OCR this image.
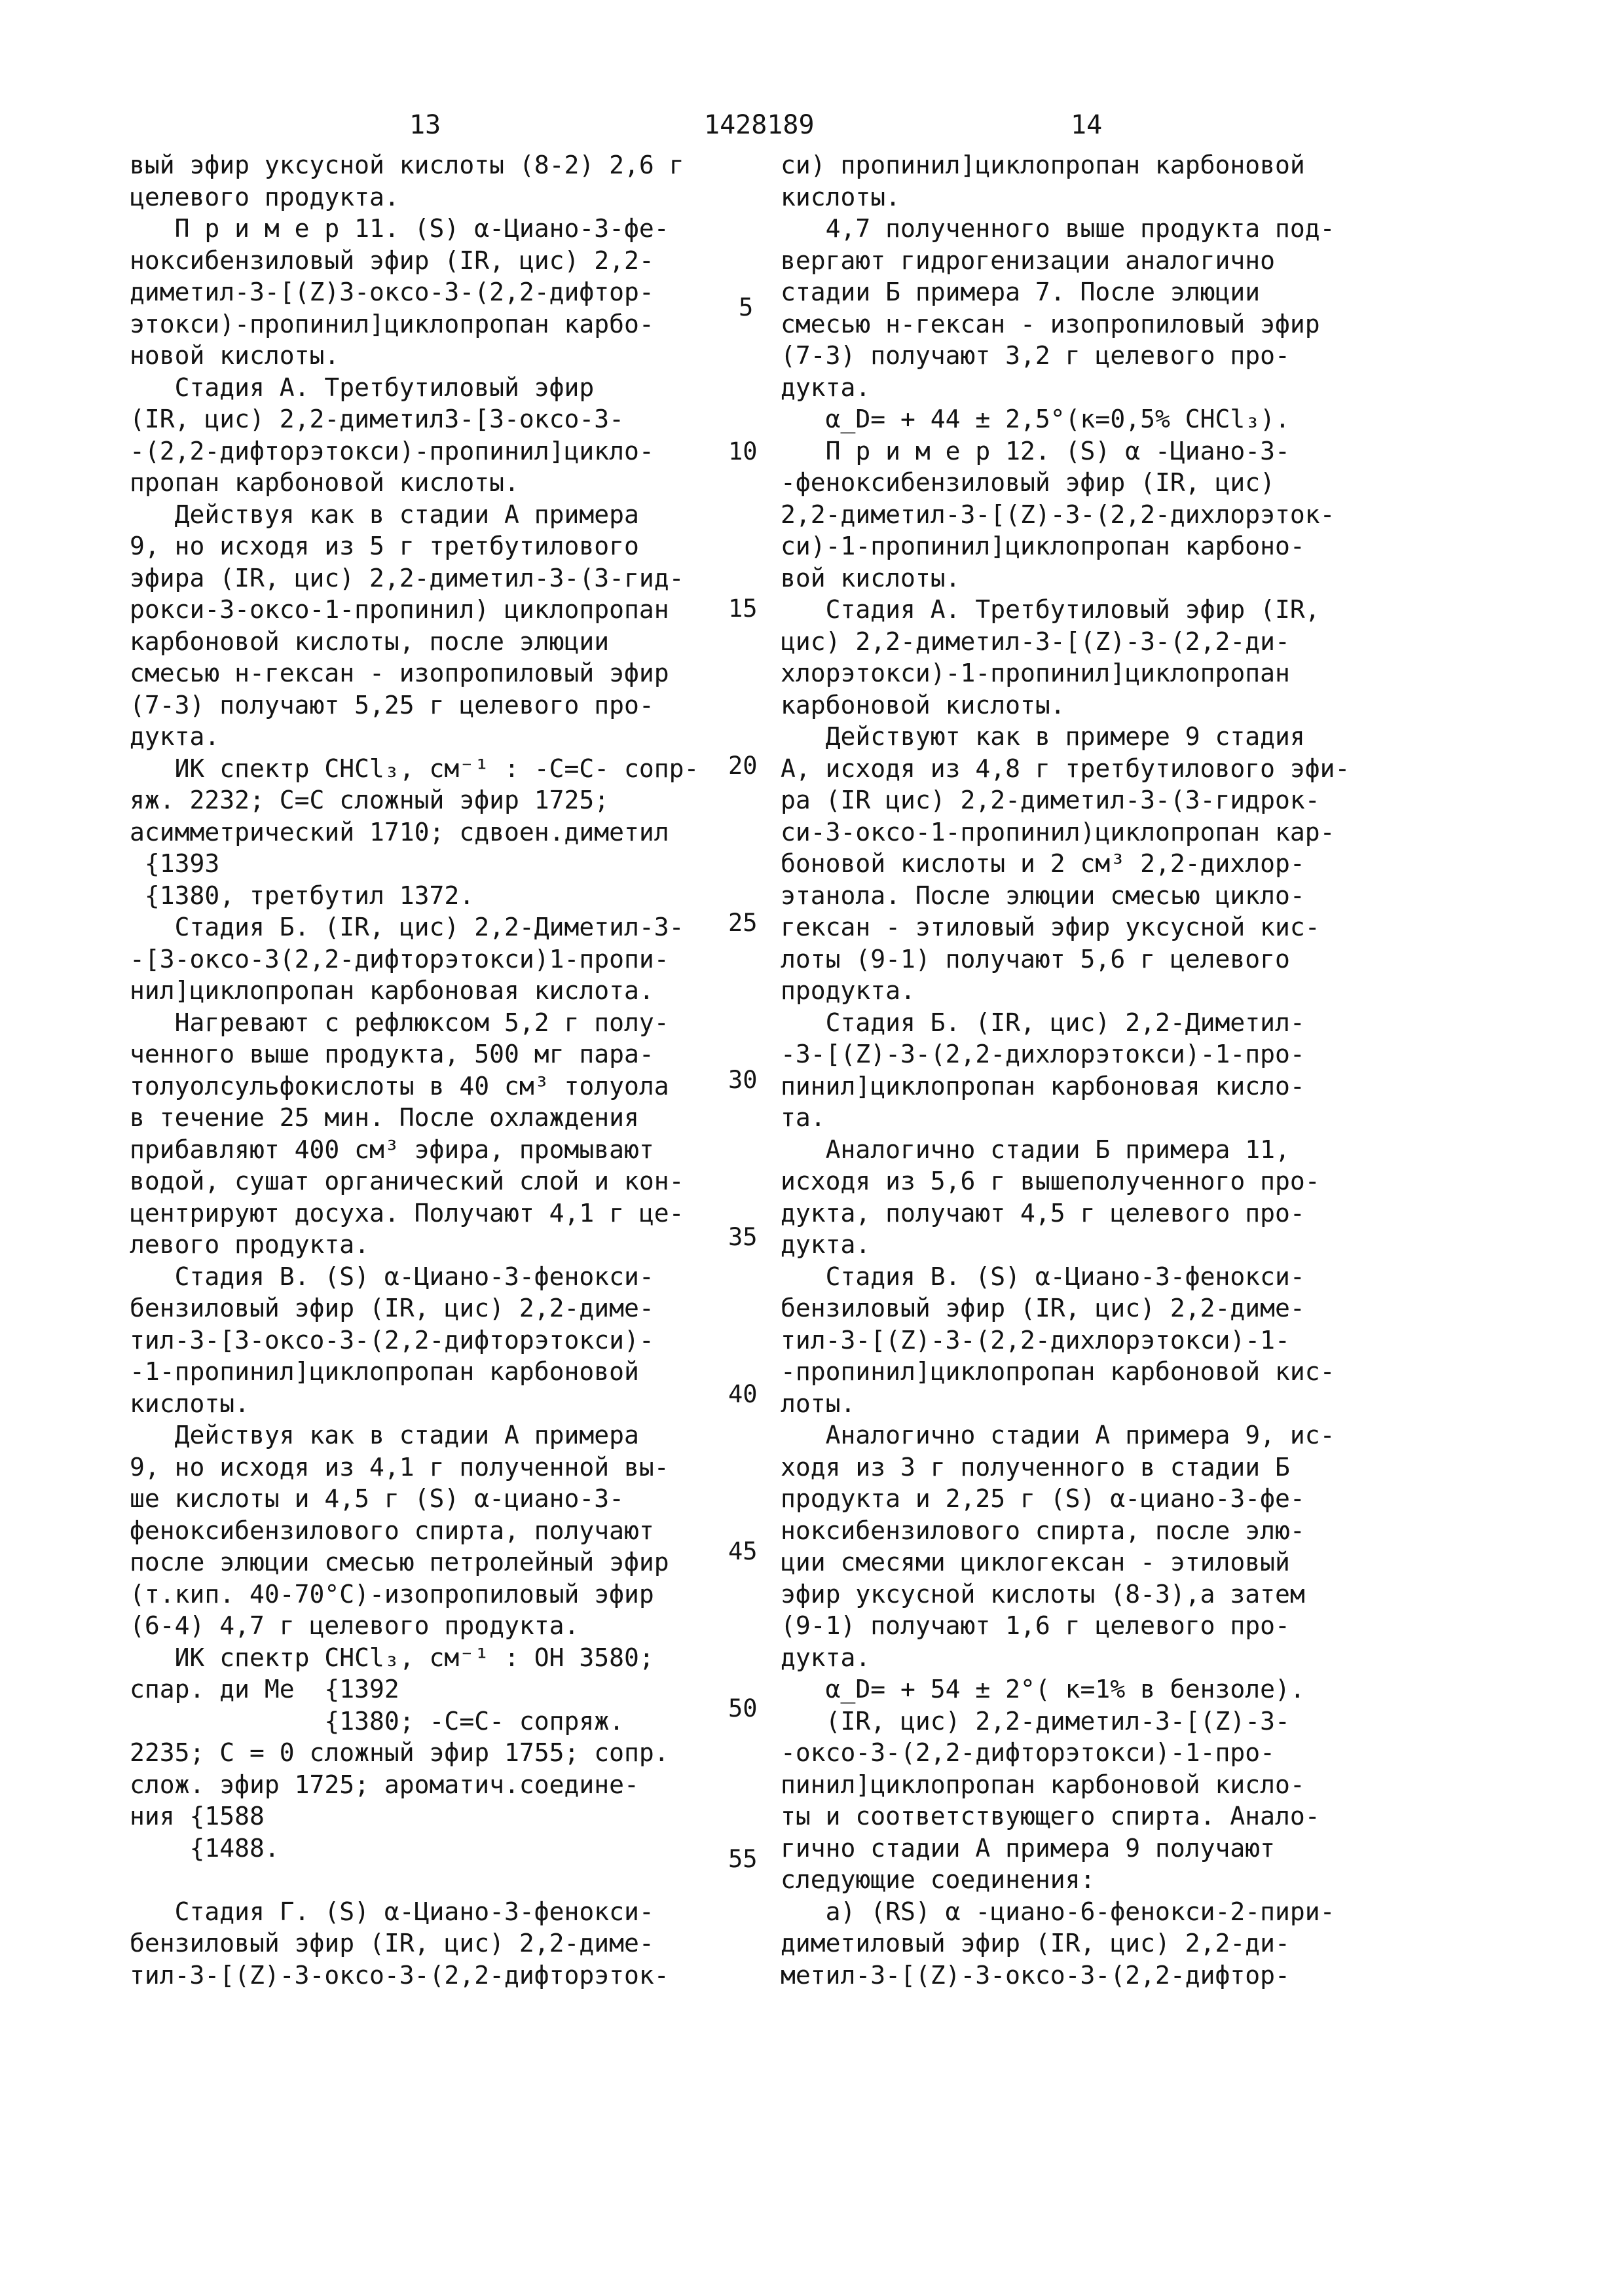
13	1428189	14
вый эфир уксусной кислоты (8-2) 2,6 г
целевого продукта.
П р и м е р 11. (S) α-Циано-3-фе-
ноксибензиловый эфир (IR, цис) 2,2-
диметил-3-[(Z)3-оксо-3-(2,2-дифтор-
этокси)-пропинил]циклопропан карбо-
новой кислоты.
Стадия А. Третбутиловый эфир
(IR, цис) 2,2-диметил3-[3-оксо-3-
-(2,2-дифторэтокси)-пропинил]цикло-
пропан карбоновой кислоты.
Действуя как в стадии А примера
9, но исходя из 5 г третбутилового
эфира (IR, цис) 2,2-диметил-3-(3-гид-
рокси-3-оксо-1-пропинил) циклопропан
карбоновой кислоты, после элюции
смесью н-гексан - изопропиловый эфир
(7-3) получают 5,25 г целевого про-
дукта.
ИК спектр CHCl₃, см⁻¹ : -С=С- сопр-
яж. 2232; С=С сложный эфир 1725;
асимметрический 1710; сдвоен.диметил
{1393
{1380, третбутил 1372.
Стадия Б. (IR, цис) 2,2-Диметил-3-
-[3-оксо-3(2,2-дифторэтокси)1-пропи-
нил]циклопропан карбоновая кислота.
Нагревают с рефлюксом 5,2 г полу-
ченного выше продукта, 500 мг пара-
толуолсульфокислоты в 40 см³ толуола
в течение 25 мин. После охлаждения
прибавляют 400 см³ эфира, промывают
водой, сушат органический слой и кон-
центрируют досуха. Получают 4,1 г це-
левого продукта.
Стадия В. (S) α-Циано-3-фенокси-
бензиловый эфир (IR, цис) 2,2-диме-
тил-3-[3-оксо-3-(2,2-дифторэтокси)-
-1-пропинил]циклопропан карбоновой
кислоты.
Действуя как в стадии А примера
9, но исходя из 4,1 г полученной вы-
ше кислоты и 4,5 г (S) α-циано-3-
феноксибензилового спирта, получают
после элюции смесью петролейный эфир
(т.кип. 40-70°С)-изопропиловый эфир
(6-4) 4,7 г целевого продукта.
ИК спектр CHCl₃, см⁻¹ : ОН 3580;
спар. ди Ме  {1392
{1380; -С=С- сопряж.
2235; С = 0 сложный эфир 1755; сопр.
слож. эфир 1725; ароматич.соедине-
ния {1588
{1488.
Стадия Г. (S) α-Циано-3-фенокси-
бензиловый эфир (IR, цис) 2,2-диме-
тил-3-[(Z)-3-оксо-3-(2,2-дифторэток-
си) пропинил]циклопропан карбоновой
кислоты.
4,7 полученного выше продукта под-
вергают гидрогенизации аналогично
стадии Б примера 7. После элюции
смесью н-гексан - изопропиловый эфир
(7-3) получают 3,2 г целевого про-
дукта.
α_D= + 44 ± 2,5°(к=0,5% CHCl₃).
П р и м е р 12. (S) α -Циано-3-
-феноксибензиловый эфир (IR, цис)
2,2-диметил-3-[(Z)-3-(2,2-дихлорэток-
си)-1-пропинил]циклопропан карбоно-
вой кислоты.
Стадия А. Третбутиловый эфир (IR,
цис) 2,2-диметил-3-[(Z)-3-(2,2-ди-
хлорэтокси)-1-пропинил]циклопропан
карбоновой кислоты.
Действуют как в примере 9 стадия
А, исходя из 4,8 г третбутилового эфи-
ра (IR цис) 2,2-диметил-3-(3-гидрок-
си-3-оксо-1-пропинил)циклопропан кар-
боновой кислоты и 2 см³ 2,2-дихлор-
этанола. После элюции смесью цикло-
гексан - этиловый эфир уксусной кис-
лоты (9-1) получают 5,6 г целевого
продукта.
Стадия Б. (IR, цис) 2,2-Диметил-
-3-[(Z)-3-(2,2-дихлорэтокси)-1-про-
пинил]циклопропан карбоновая кисло-
та.
Аналогично стадии Б примера 11,
исходя из 5,6 г вышеполученного про-
дукта, получают 4,5 г целевого про-
дукта.
Стадия В. (S) α-Циано-3-фенокси-
бензиловый эфир (IR, цис) 2,2-диме-
тил-3-[(Z)-3-(2,2-дихлорэтокси)-1-
-пропинил]циклопропан карбоновой кис-
лоты.
Аналогично стадии А примера 9, ис-
ходя из 3 г полученного в стадии Б
продукта и 2,25 г (S) α-циано-3-фе-
ноксибензилового спирта, после элю-
ции смесями циклогексан - этиловый
эфир уксусной кислоты (8-3),а затем
(9-1) получают 1,6 г целевого про-
дукта.
α_D= + 54 ± 2°( к=1% в бензоле).
(IR, цис) 2,2-диметил-3-[(Z)-3-
-оксо-3-(2,2-дифторэтокси)-1-про-
пинил]циклопропан карбоновой кисло-
ты и соответствующего спирта. Анало-
гично стадии А примера 9 получают
следующие соединения:
а) (RS) α -циано-6-фенокси-2-пири-
диметиловый эфир (IR, цис) 2,2-ди-
метил-3-[(Z)-3-оксо-3-(2,2-дифтор-
5
10
15
20
25
30
35
40
45
50
55
